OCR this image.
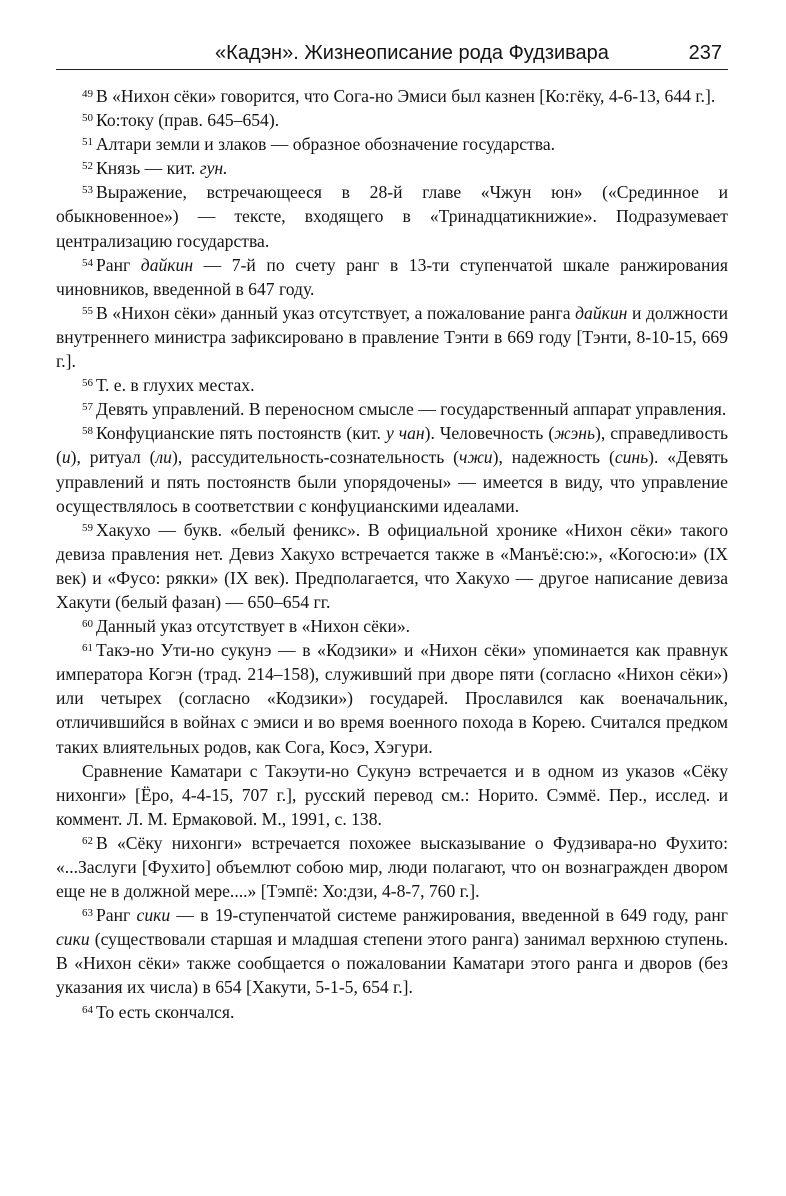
«Кадэн». Жизнеописание рода Фудзивара	237

$^{49}$ В «Нихон сёки» говорится, что Сога-но Эмиси был казнен [Ко:гёку, 4-6-13, 644 г.].

$^{50}$ Ко:току (прав. 645–654).

$^{51}$ Алтари земли и злаков — образное обозначение государства.

$^{52}$ Князь — кит. гун.

$^{53}$ Выражение, встречающееся в 28-й главе «Чжун юн» («Срединное и обыкновенное») — тексте, входящего в «Тринадцатикнижие». Подразумевает централизацию государства.

$^{54}$ Ранг дайкин — 7-й по счету ранг в 13-ти ступенчатой шкале ранжирования чиновников, введенной в 647 году.

$^{55}$ В «Нихон сёки» данный указ отсутствует, а пожалование ранга дайкин и должности внутреннего министра зафиксировано в правление Тэнти в 669 году [Тэнти, 8-10-15, 669 г.].

$^{56}$ Т. е. в глухих местах.

$^{57}$ Девять управлений. В переносном смысле — государственный аппарат управления.

$^{58}$ Конфуцианские пять постоянств (кит. у чан). Человечность (жэнь), справедливость (и), ритуал (ли), рассудительность-сознательность (чжи), надежность (синь). «Девять управлений и пять постоянств были упорядочены» — имеется в виду, что управление осуществлялось в соответствии с конфуцианскими идеалами.

$^{59}$ Хакухо — букв. «белый феникс». В официальной хронике «Нихон сёки» такого девиза правления нет. Девиз Хакухо встречается также в «Манъё:сю:», «Когосю:и» (IX век) и «Фусо: рякки» (IX век). Предполагается, что Хакухо — другое написание девиза Хакути (белый фазан) — 650–654 гг.

$^{60}$ Данный указ отсутствует в «Нихон сёки».

$^{61}$ Такэ-но Ути-но сукунэ — в «Кодзики» и «Нихон сёки» упоминается как правнук императора Когэн (трад. 214–158), служивший при дворе пяти (согласно «Нихон сёки») или четырех (согласно «Кодзики») государей. Прославился как военачальник, отличившийся в войнах с эмиси и во время военного похода в Корею. Считался предком таких влиятельных родов, как Сога, Косэ, Хэгури.

Сравнение Каматари с Такэути-но Сукунэ встречается и в одном из указов «Сёку нихонги» [Ёро, 4-4-15, 707 г.], русский перевод см.: Норито. Сэммё. Пер., исслед. и коммент. Л. М. Ермаковой. М., 1991, с. 138.

$^{62}$ В «Сёку нихонги» встречается похожее высказывание о Фудзивара-но Фухито: «...Заслуги [Фухито] объемлют собою мир, люди полагают, что он вознагражден двором еще не в должной мере....» [Тэмпё: Хо:дзи, 4-8-7, 760 г.].

$^{63}$ Ранг сики — в 19-ступенчатой системе ранжирования, введенной в 649 году, ранг сики (существовали старшая и младшая степени этого ранга) занимал верхнюю ступень. В «Нихон сёки» также сообщается о пожаловании Каматари этого ранга и дворов (без указания их числа) в 654 [Хакути, 5-1-5, 654 г.].

$^{64}$ То есть скончался.
